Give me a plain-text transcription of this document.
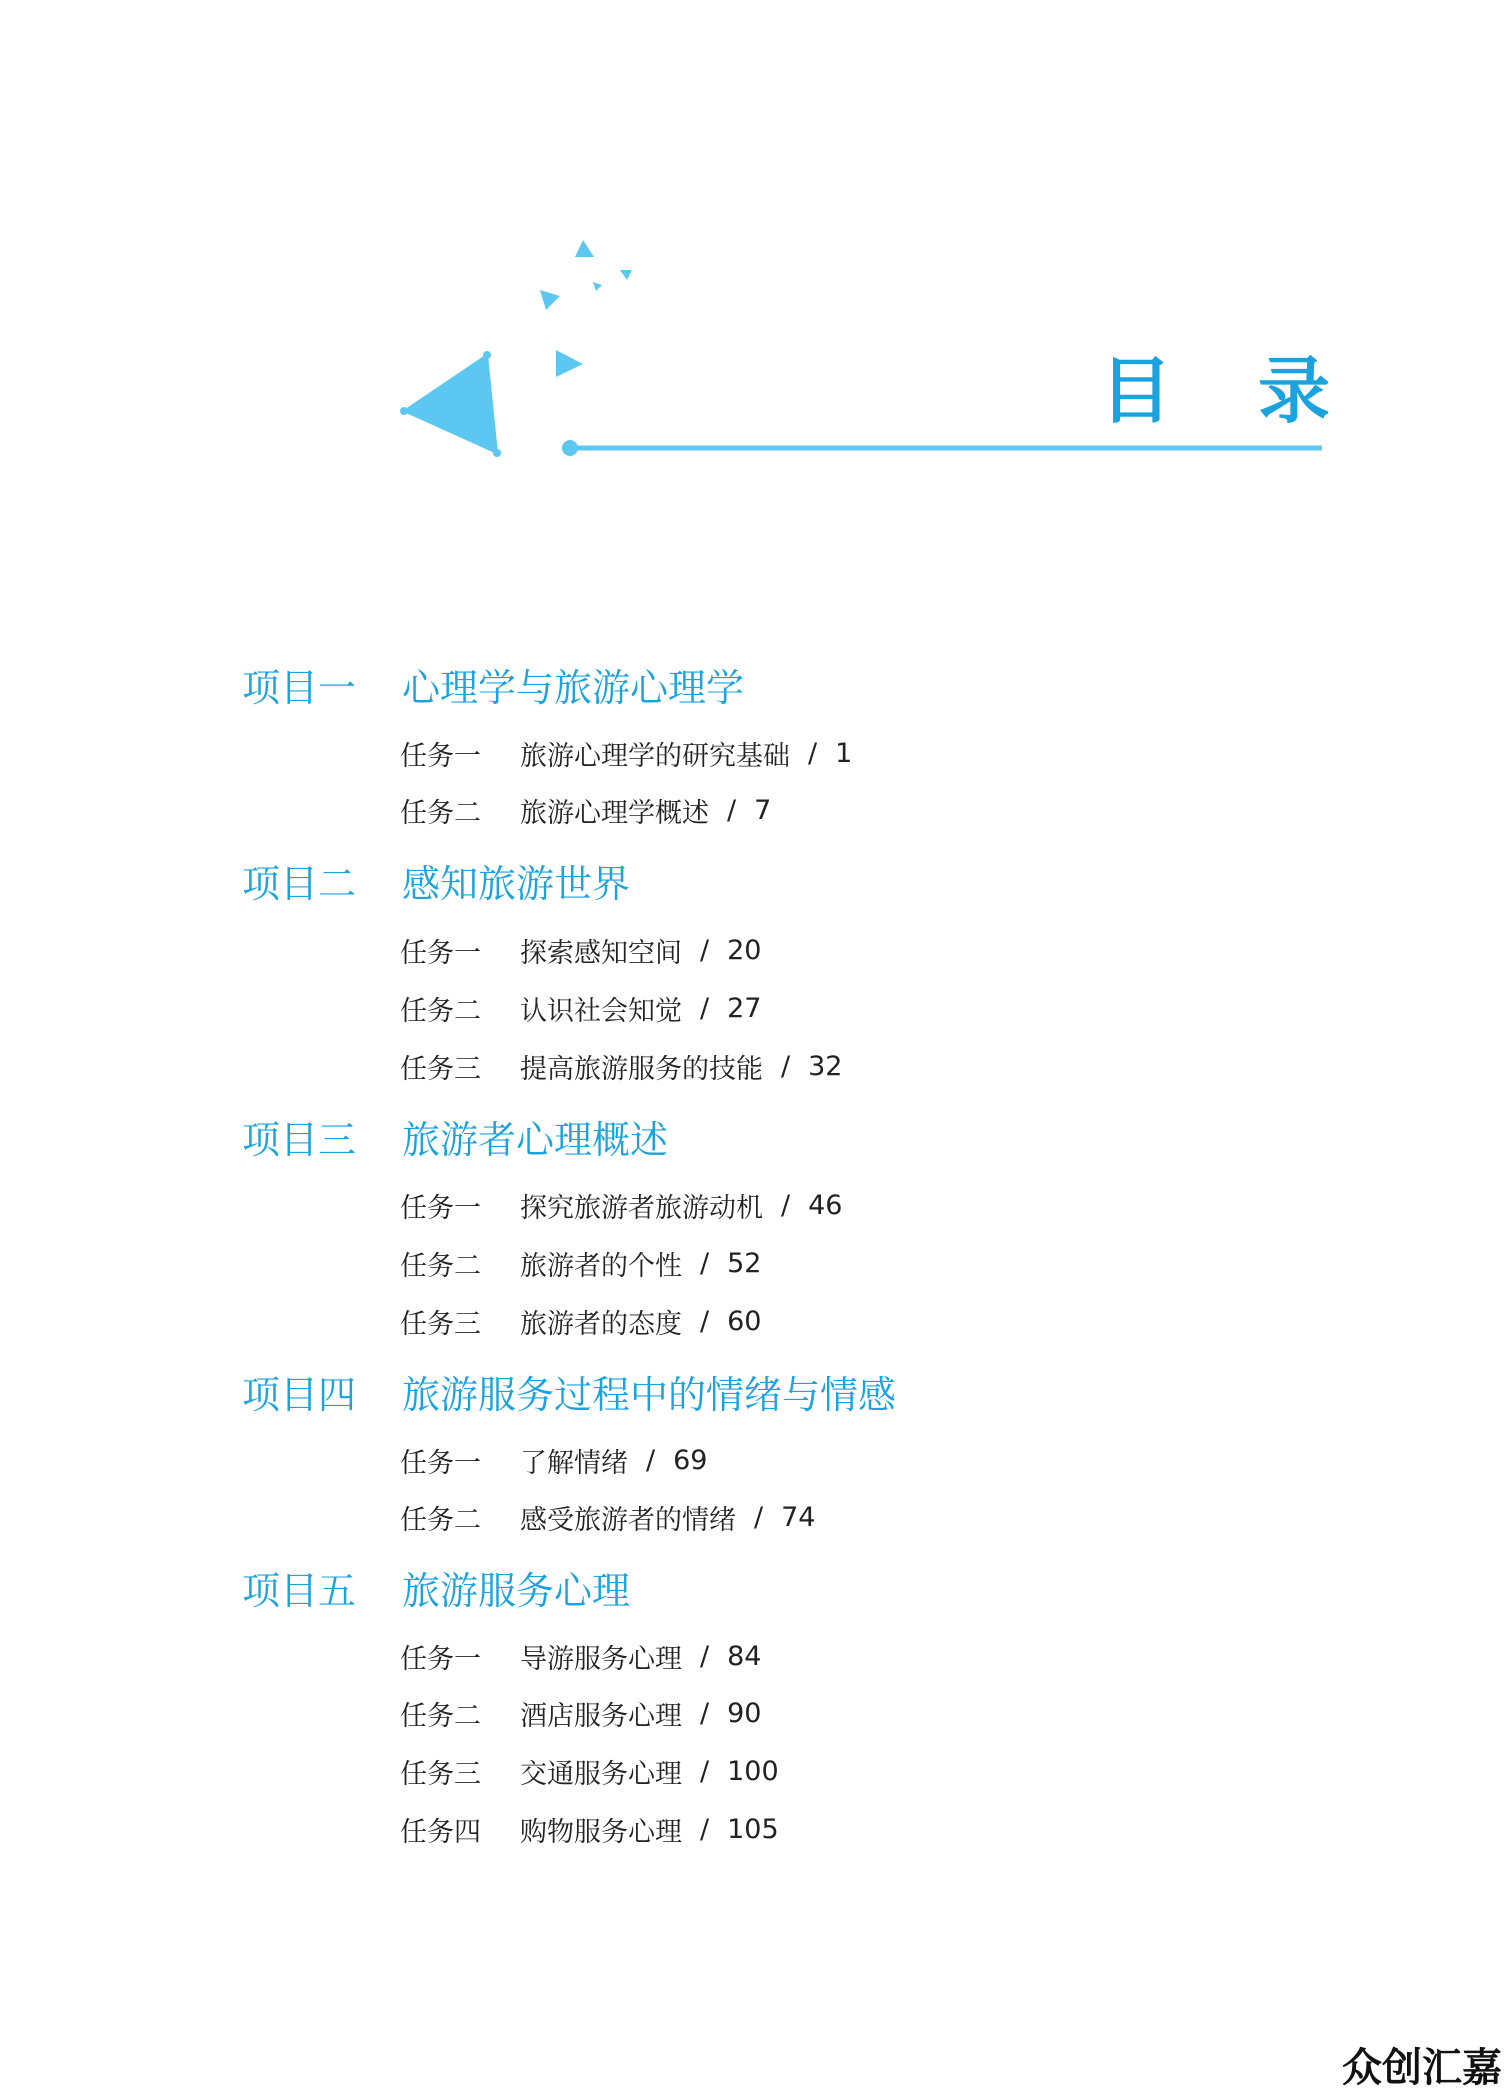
目 录
项目一	心理学与旅游心理学
任务一	旅游心理学的研究基础 / 1
任务二	旅游心理学概述 / 7
项目二	感知旅游世界
任务一	探索感知空间 / 20
任务二	认识社会知觉 / 27
任务三	提高旅游服务的技能 / 32
项目三	旅游者心理概述
任务一	探究旅游者旅游动机 / 46
任务二	旅游者的个性 / 52
任务三	旅游者的态度 / 60
项目四	旅游服务过程中的情绪与情感
任务一	了解情绪 / 69
任务二	感受旅游者的情绪 / 74
项目五	旅游服务心理
任务一	导游服务心理 / 84
任务二	酒店服务心理 / 90
任务三	交通服务心理 / 100
任务四	购物服务心理 / 105
众创汇嘉
